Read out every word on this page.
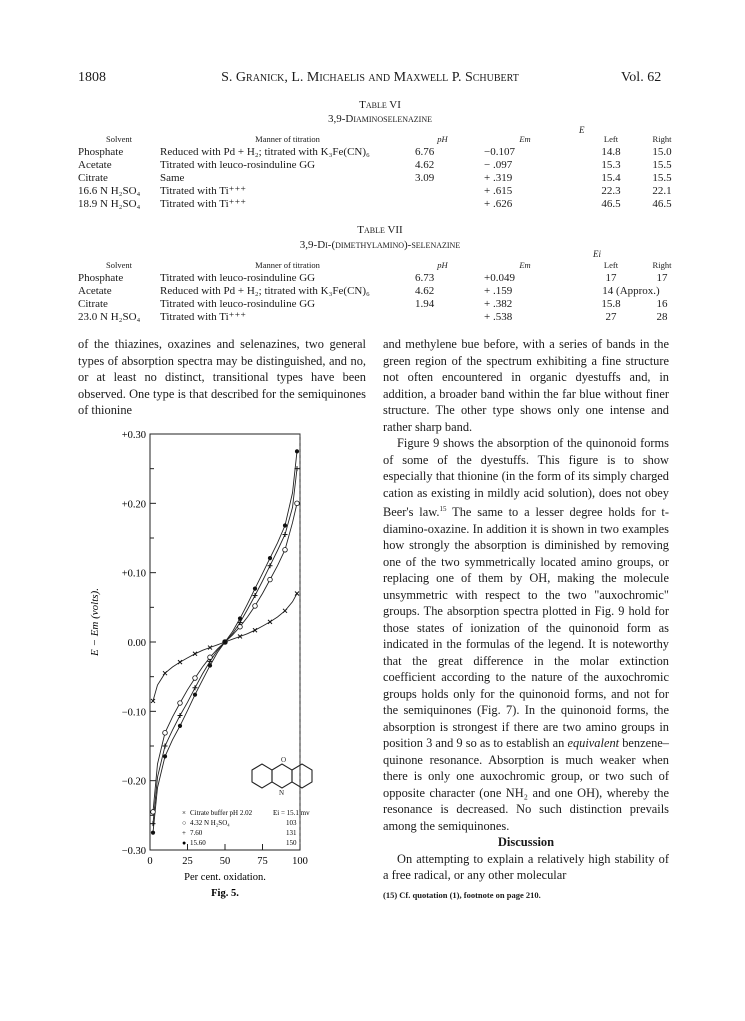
1808	S. Granick, L. Michaelis and Maxwell P. Schubert	Vol. 62
Table VI
3,9-Diaminoselenazine
E
Solvent	Manner of titration	pH	Em	Left	Right
Phosphate	Reduced with Pd + H₂; titrated with K₃Fe(CN)₆	6.76	−0.107	14.8	15.0
Acetate	Titrated with leuco-rosinduline GG	4.62	− .097	15.3	15.5
Citrate	Same	3.09	+ .319	15.4	15.5
16.6 N H₂SO₄	Titrated with Ti⁺⁺⁺		+ .615	22.3	22.1
18.9 N H₂SO₄	Titrated with Ti⁺⁺⁺		+ .626	46.5	46.5
Table VII
3,9-Di-(dimethylamino)-selenazine
Ei
Solvent	Manner of titration	pH	Em	Left	Right
Phosphate	Titrated with leuco-rosinduline GG	6.73	+0.049	17	17
Acetate	Reduced with Pd + H₂; titrated with K₃Fe(CN)₆	4.62	+ .159	14 (Approx.)	
Citrate	Titrated with leuco-rosinduline GG	1.94	+ .382	15.8	16
23.0 N H₂SO₄	Titrated with Ti⁺⁺⁺		+ .538	27	28

of the thiazines, oxazines and selenazines, two general types of absorption spectra may be distinguished, and no, or at least no distinct, transitional types have been observed. One type is that described for the semiquinones of thionine

+0.30
+0.20
+0.10
0.00
−0.10
−0.20
−0.30
0	25	50	75 100
E − Em (volts).
Per cent. oxidation.
Fig. 5.
O
N
× Citrate buffer pH 2.02	Ei = 15.1 mv
○ 4.32 N H₂SO₄	103
+ 7.60	131
● 15.60	150

and methylene bue before, with a series of bands in the green region of the spectrum exhibiting a fine structure not often encountered in organic dyestuffs and, in addition, a broader band within the far blue without finer structure. The other type shows only one intense and rather sharp band.

Figure 9 shows the absorption of the quinonoid forms of some of the dyestuffs. This figure is to show especially that thionine (in the form of its simply charged cation as existing in mildly acid solution), does not obey Beer's law.$^{15}$ The same to a lesser degree holds for t-diamino-oxazine. In addition it is shown in two examples how strongly the absorption is diminished by removing one of the two symmetrically located amino groups, or replacing one of them by OH, making the molecule unsymmetric with respect to the two "auxochromic" groups. The absorption spectra plotted in Fig. 9 hold for those states of ionization of the quinonoid form as indicated in the formulas of the legend. It is noteworthy that the great difference in the molar extinction coefficient according to the nature of the auxochromic groups holds only for the quinonoid forms, and not for the semiquinones (Fig. 7). In the quinonoid forms, the absorption is strongest if there are two amino groups in position 3 and 9 so as to establish an equivalent benzene–quinone resonance. Absorption is much weaker when there is only one auxochromic group, or two such of opposite character (one NH₂ and one OH), whereby the resonance is decreased. No such distinction prevails among the semiquinones.

Discussion

On attempting to explain a relatively high stability of a free radical, or any other molecular

(15) Cf. quotation (1), footnote on page 210.
